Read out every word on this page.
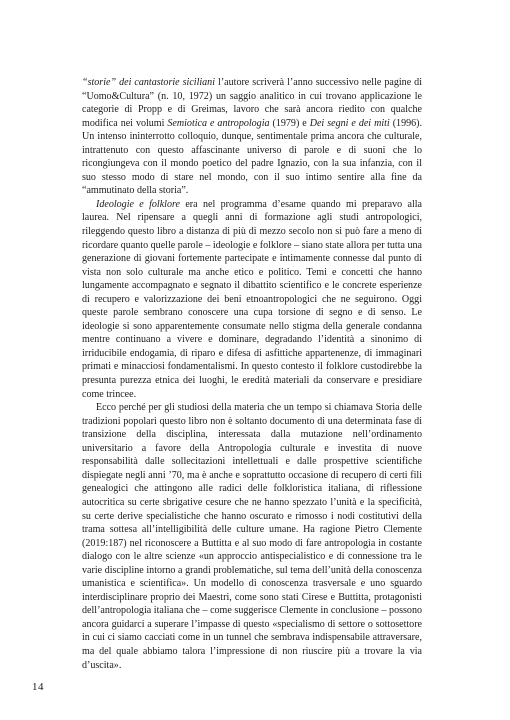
“storie” dei cantastorie siciliani l’autore scriverà l’anno successivo nelle pagine di “Uomo&Cultura” (n. 10, 1972) un saggio analitico in cui trovano applicazione le categorie di Propp e di Greimas, lavoro che sarà ancora riedito con qualche modifica nei volumi Semiotica e antropologia (1979) e Dei segni e dei miti (1996). Un intenso ininterrotto colloquio, dunque, sentimentale prima ancora che culturale, intrattenuto con questo affascinante universo di parole e di suoni che lo ricongiungeva con il mondo poetico del padre Ignazio, con la sua infanzia, con il suo stesso modo di stare nel mondo, con il suo intimo sentire alla fine da “ammutinato della storia”.

Ideologie e folklore era nel programma d’esame quando mi preparavo alla laurea. Nel ripensare a quegli anni di formazione agli studi antropologici, rileggendo questo libro a distanza di più di mezzo secolo non si può fare a meno di ricordare quanto quelle parole – ideologie e folklore – siano state allora per tutta una generazione di giovani fortemente partecipate e intimamente connesse dal punto di vista non solo culturale ma anche etico e politico. Temi e concetti che hanno lungamente accompagnato e segnato il dibattito scientifico e le concrete esperienze di recupero e valorizzazione dei beni etnoantropologici che ne seguirono. Oggi queste parole sembrano conoscere una cupa torsione di segno e di senso. Le ideologie si sono apparentemente consumate nello stigma della generale condanna mentre continuano a vivere e dominare, degradando l’identità a sinonimo di irriducibile endogamia, di riparo e difesa di asfittiche appartenenze, di immaginari primati e minacciosi fondamentalismi. In questo contesto il folklore custodirebbe la presunta purezza etnica dei luoghi, le eredità materiali da conservare e presidiare come trincee.

Ecco perché per gli studiosi della materia che un tempo si chiamava Storia delle tradizioni popolari questo libro non è soltanto documento di una determinata fase di transizione della disciplina, interessata dalla mutazione nell’ordinamento universitario a favore della Antropologia culturale e investita di nuove responsabilità dalle sollecitazioni intellettuali e dalle prospettive scientifiche dispiegate negli anni ’70, ma è anche e soprattutto occasione di recupero di certi fili genealogici che attingono alle radici delle folkloristica italiana, di riflessione autocritica su certe sbrigative cesure che ne hanno spezzato l’unità e la specificità, su certe derive specialistiche che hanno oscurato e rimosso i nodi costitutivi della trama sottesa all’intelligibilità delle culture umane. Ha ragione Pietro Clemente (2019:187) nel riconoscere a Buttitta e al suo modo di fare antropologia in costante dialogo con le altre scienze «un approccio antispecialistico e di connessione tra le varie discipline intorno a grandi problematiche, sul tema dell’unità della conoscenza umanistica e scientifica». Un modello di conoscenza trasversale e uno sguardo interdisciplinare proprio dei Maestri, come sono stati Cirese e Buttitta, protagonisti dell’antropologia italiana che – come suggerisce Clemente in conclusione – possono ancora guidarci a superare l’impasse di questo «specialismo di settore o sottosettore in cui ci siamo cacciati come in un tunnel che sembrava indispensabile attraversare, ma del quale abbiamo talora l’impressione di non riuscire più a trovare la via d’uscita».

14
